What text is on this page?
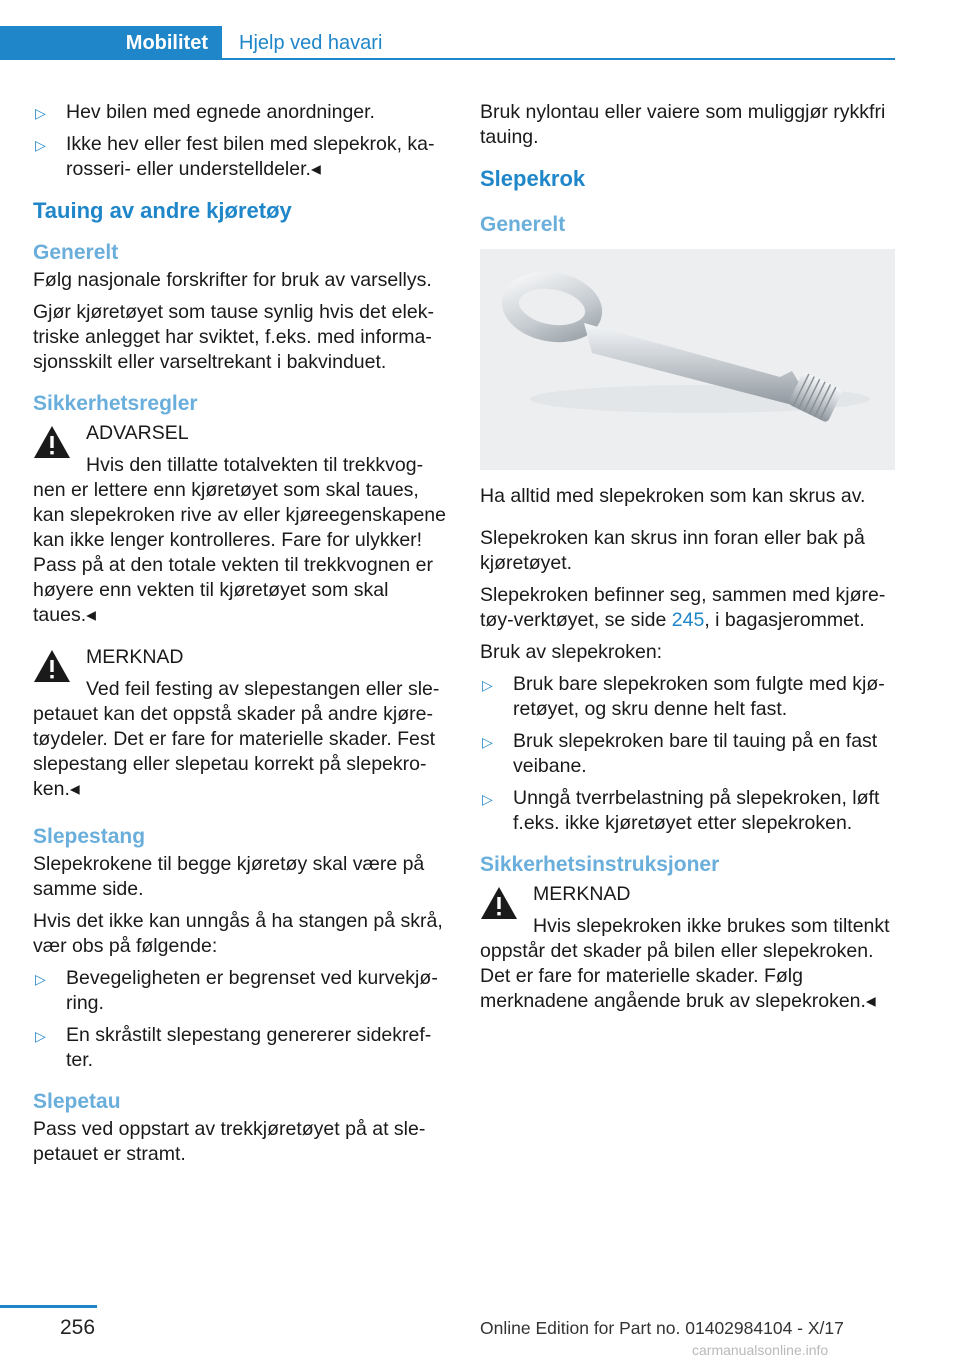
Mobilitet	Hjelp ved havari
▷ Hev bilen med egnede anordninger.
▷ Ikke hev eller fest bilen med slepekrok, karosseri- eller understelldeler.◂
Tauing av andre kjøretøy
Generelt

Følg nasjonale forskrifter for bruk av varsellys.

Gjør kjøretøyet som tause synlig hvis det elektriske anlegget har sviktet, f.eks. med informasjonsskilt eller varseltrekant i bakvinduet.

Sikkerhetsregler
ADVARSEL

Hvis den tillatte totalvekten til trekkvognen er lettere enn kjøretøyet som skal taues, kan slepekroken rive av eller kjøreegenskapene kan ikke lenger kontrolleres. Fare for ulykker! Pass på at den totale vekten til trekkvognen er høyere enn vekten til kjøretøyet som skal taues.◂

MERKNAD

Ved feil festing av slepestangen eller slepetauet kan det oppstå skader på andre kjøretøydeler. Det er fare for materielle skader. Fest slepestang eller slepetau korrekt på slepekroken.◂

Slepestang

Slepekrokene til begge kjøretøy skal være på samme side.

Hvis det ikke kan unngås å ha stangen på skrå, vær obs på følgende:

▷ Bevegeligheten er begrenset ved kurvekjøring.
▷ En skråstilt slepestang genererer sidekrefter.
Slepetau

Pass ved oppstart av trekkjøretøyet på at slepetauet er stramt.

Bruk nylontau eller vaiere som muliggjør rykkfri tauing.

Slepekrok
Generelt

Ha alltid med slepekroken som kan skrus av.

Slepekroken kan skrus inn foran eller bak på kjøretøyet.

Slepekroken befinner seg, sammen med kjøretøy-verktøyet, se side 245, i bagasjerommet.

Bruk av slepekroken:

▷ Bruk bare slepekroken som fulgte med kjøretøyet, og skru denne helt fast.
▷ Bruk slepekroken bare til tauing på en fast veibane.
▷ Unngå tverrbelastning på slepekroken, løft f.eks. ikke kjøretøyet etter slepekroken.
Sikkerhetsinstruksjoner
MERKNAD

Hvis slepekroken ikke brukes som tiltenkt oppstår det skader på bilen eller slepekroken. Det er fare for materielle skader. Følg merknadene angående bruk av slepekroken.◂

256	Online Edition for Part no. 01402984104 - X/17
carmanualsonline.info
